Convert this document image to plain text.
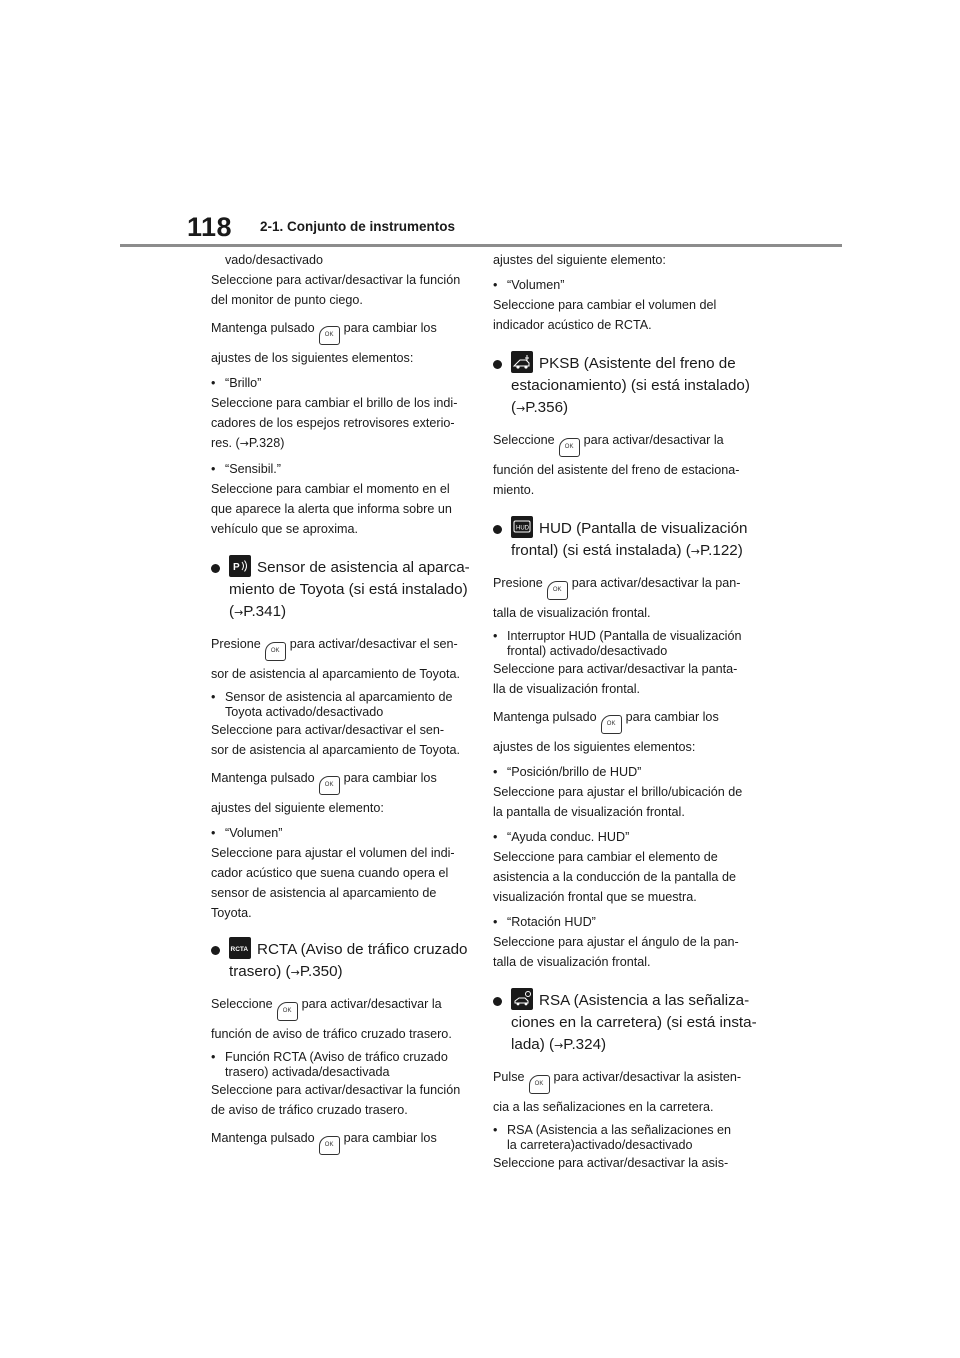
118 2-1. Conjunto de instrumentos

vado/desactivado

Seleccione para activar/desactivar la función

del monitor de punto ciego.

Mantenga pulsado OK para cambiar los

ajustes de los siguientes elementos:

• “Brillo”

Seleccione para cambiar el brillo de los indi-

cadores de los espejos retrovisores exterio-

res. (→P.328)

• “Sensibil.”

Seleccione para cambiar el momento en el

que aparece la alerta que informa sobre un

vehículo que se aproxima.

P Sensor de asistencia al aparca-
miento de Toyota (si está instalado)
(→P.341)

Presione OK para activar/desactivar el sen-

sor de asistencia al aparcamiento de Toyota.

• Sensor de asistencia al aparcamiento de
Toyota activado/desactivado

Seleccione para activar/desactivar el sen-

sor de asistencia al aparcamiento de Toyota.

Mantenga pulsado OK para cambiar los

ajustes del siguiente elemento:

• “Volumen”

Seleccione para ajustar el volumen del indi-

cador acústico que suena cuando opera el

sensor de asistencia al aparcamiento de

Toyota.

RCTA RCTA (Aviso de tráfico cruzado
trasero) (→P.350)

Seleccione OK para activar/desactivar la

función de aviso de tráfico cruzado trasero.

• Función RCTA (Aviso de tráfico cruzado
trasero) activada/desactivada

Seleccione para activar/desactivar la función

de aviso de tráfico cruzado trasero.

Mantenga pulsado OK para cambiar los

ajustes del siguiente elemento:

• “Volumen”

Seleccione para cambiar el volumen del

indicador acústico de RCTA.

PKSB (Asistente del freno de
estacionamiento) (si está instalado)
(→P.356)

Seleccione OK para activar/desactivar la

función del asistente del freno de estaciona-

miento.

HUD HUD (Pantalla de visualización
frontal) (si está instalada) (→P.122)

Presione OK para activar/desactivar la pan-

talla de visualización frontal.

• Interruptor HUD (Pantalla de visualización
frontal) activado/desactivado

Seleccione para activar/desactivar la panta-

lla de visualización frontal.

Mantenga pulsado OK para cambiar los

ajustes de los siguientes elementos:

• “Posición/brillo de HUD”

Seleccione para ajustar el brillo/ubicación de

la pantalla de visualización frontal.

• “Ayuda conduc. HUD”

Seleccione para cambiar el elemento de

asistencia a la conducción de la pantalla de

visualización frontal que se muestra.

• “Rotación HUD”

Seleccione para ajustar el ángulo de la pan-

talla de visualización frontal.

RSA (Asistencia a las señaliza-
ciones en la carretera) (si está insta-
lada) (→P.324)

Pulse OK para activar/desactivar la asisten-

cia a las señalizaciones en la carretera.

• RSA (Asistencia a las señalizaciones en
la carretera)activado/desactivado

Seleccione para activar/desactivar la asis-
